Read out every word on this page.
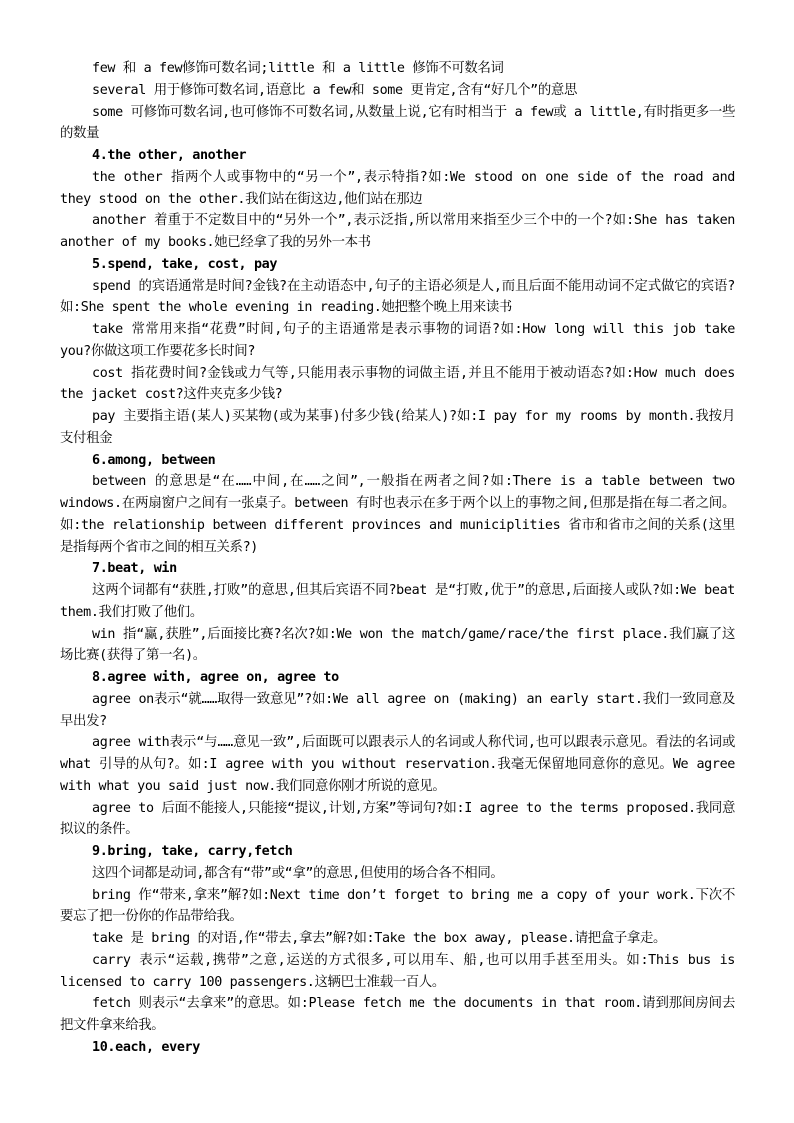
few 和 a few修饰可数名词;little 和 a little 修饰不可数名词

several 用于修饰可数名词,语意比 a few和 some 更肯定,含有“好几个”的意思

some 可修饰可数名词,也可修饰不可数名词,从数量上说,它有时相当于 a few或 a little,有时指更多一些的数量

4.the other, another

the other 指两个人或事物中的“另一个”,表示特指?如:We stood on one side of the road and they stood on the other.我们站在街这边,他们站在那边

another 着重于不定数目中的“另外一个”,表示泛指,所以常用来指至少三个中的一个?如:She has taken another of my books.她已经拿了我的另外一本书

5.spend, take, cost, pay

spend 的宾语通常是时间?金钱?在主动语态中,句子的主语必须是人,而且后面不能用动词不定式做它的宾语?如:She spent the whole evening in reading.她把整个晚上用来读书

take 常常用来指“花费”时间,句子的主语通常是表示事物的词语?如:How long will this job take you?你做这项工作要花多长时间?

cost 指花费时间?金钱或力气等,只能用表示事物的词做主语,并且不能用于被动语态?如:How much does the jacket cost?这件夹克多少钱?

pay 主要指主语(某人)买某物(或为某事)付多少钱(给某人)?如:I pay for my rooms by month.我按月支付租金

6.among, between

between 的意思是“在……中间,在……之间”,一般指在两者之间?如:There is a table between two windows.在两扇窗户之间有一张桌子。between 有时也表示在多于两个以上的事物之间,但那是指在每二者之间。如:the relationship between different provinces and municiplities 省市和省市之间的关系(这里是指每两个省市之间的相互关系?)

7.beat, win

这两个词都有“获胜,打败”的意思,但其后宾语不同?beat 是“打败,优于”的意思,后面接人或队?如:We beat them.我们打败了他们。

win 指“赢,获胜”,后面接比赛?名次?如:We won the match/game/race/the first place.我们赢了这场比赛(获得了第一名)。

8.agree with, agree on, agree to

agree on表示“就……取得一致意见”?如:We all agree on (making) an early start.我们一致同意及早出发?

agree with表示“与……意见一致”,后面既可以跟表示人的名词或人称代词,也可以跟表示意见。看法的名词或what 引导的从句?。如:I agree with you without reservation.我毫无保留地同意你的意见。We agree with what you said just now.我们同意你刚才所说的意见。

agree to 后面不能接人,只能接“提议,计划,方案”等词句?如:I agree to the terms proposed.我同意拟议的条件。

9.bring, take, carry,fetch

这四个词都是动词,都含有“带”或“拿”的意思,但使用的场合各不相同。

bring 作“带来,拿来”解?如:Next time don’t forget to bring me a copy of your work.下次不要忘了把一份你的作品带给我。

take 是 bring 的对语,作“带去,拿去”解?如:Take the box away, please.请把盒子拿走。

carry 表示“运载,携带”之意,运送的方式很多,可以用车、船,也可以用手甚至用头。如:This bus is licensed to carry 100 passengers.这辆巴士准载一百人。

fetch 则表示“去拿来”的意思。如:Please fetch me the documents in that room.请到那间房间去把文件拿来给我。

10.each, every
